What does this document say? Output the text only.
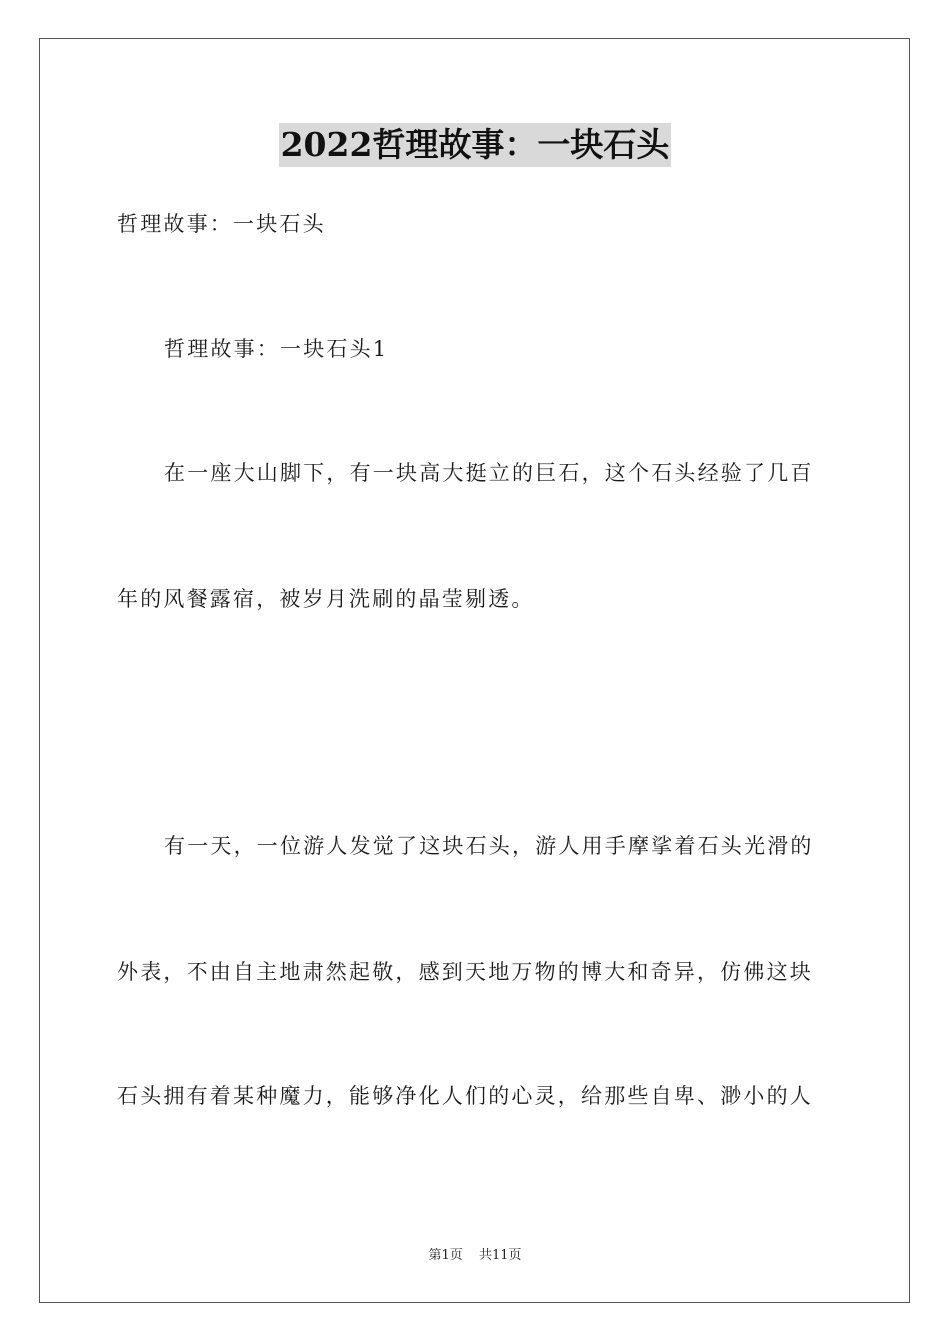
2022哲理故事：一块石头
哲理故事：一块石头
哲理故事：一块石头1
在一座大山脚下，有一块高大挺立的巨石，这个石头经验了几百
年的风餐露宿，被岁月洗刷的晶莹剔透。
有一天，一位游人发觉了这块石头，游人用手摩挲着石头光滑的
外表，不由自主地肃然起敬，感到天地万物的博大和奇异，仿佛这块
石头拥有着某种魔力，能够净化人们的心灵，给那些自卑、渺小的人
第1页 共11页
